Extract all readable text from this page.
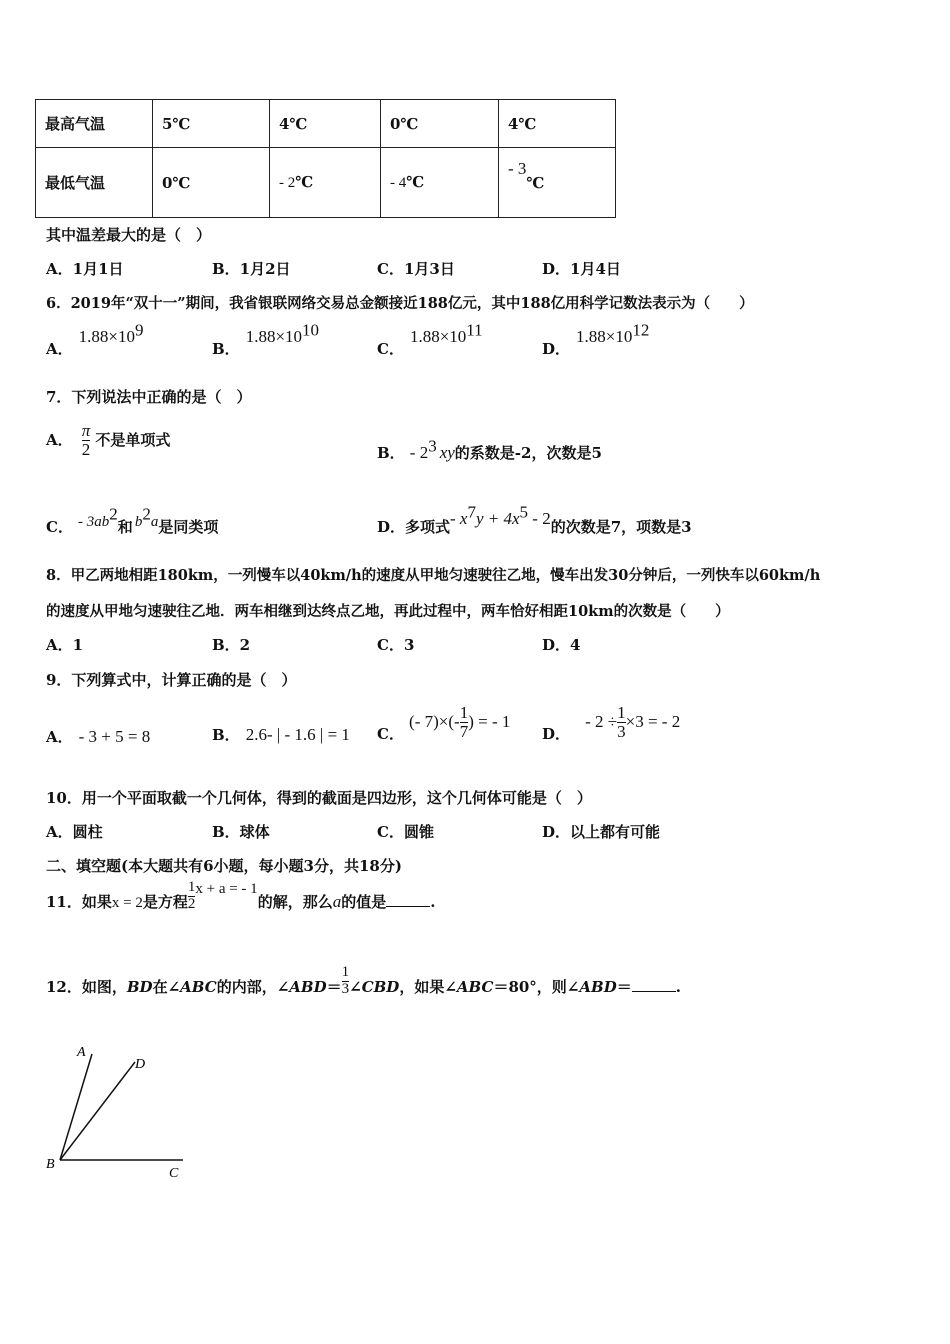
最高气温	5℃	4℃	0℃	4℃
最低气温	0℃	- 2℃	- 4℃	- 3℃
其中温差最大的是（　）
A．1月1日	B．1月2日	C．1月3日	D．1月4日
6．2019年“双十一”期间，我省银联网络交易总金额接近188亿元，其中188亿用科学记数法表示为（　　）
A．$1.88\times 10^9$
B．$1.88\times 10^{10}$
C．$1.88\times 10^{11}$
D．$1.88\times 10^{12}$
7．下列说法中正确的是（　）
A． $\frac{\pi}{2}$ 不是单项式
B． - $2^3$ xy的系数是-2，次数是5
C． - $3ab^2$和 $b^2a$是同类项	D．多项式- $x^7y + 4x^5 - 2$的次数是7，项数是3
8．甲乙两地相距180km，一列慢车以40km/h的速度从甲地匀速驶往乙地，慢车出发30分钟后，一列快车以60km/h
的速度从甲地匀速驶往乙地．两车相继到达终点乙地，再此过程中，两车恰好相距10km的次数是（　　）
A．1	B．2	C．3	D．4
9．下列算式中，计算正确的是（　）
A． - 3 + 5 = 8	B． 2.6- | - 1.6 | = 1 C． (- $7)\times(- \frac{1}{7}$ ) = - 1
D． - $2 \div \frac{1}{3} \times 3$ = - 2
10．用一个平面取截一个几何体，得到的截面是四边形，这个几何体可能是（　）
A．圆柱	B．球体	C．圆锥	D．以上都有可能
二、填空题(本大题共有6小题，每小题3分，共18分)
11．如果x = 2是方程 $\frac{1}{2}$ x + a = - 1的解，那么a的值是	.
12．如图，BD在∠ABC的内部，∠ABD＝ $\frac{1}{3}$ ∠CBD，如果∠ABC＝80°，则∠ABD＝	.
A
B
C
D
